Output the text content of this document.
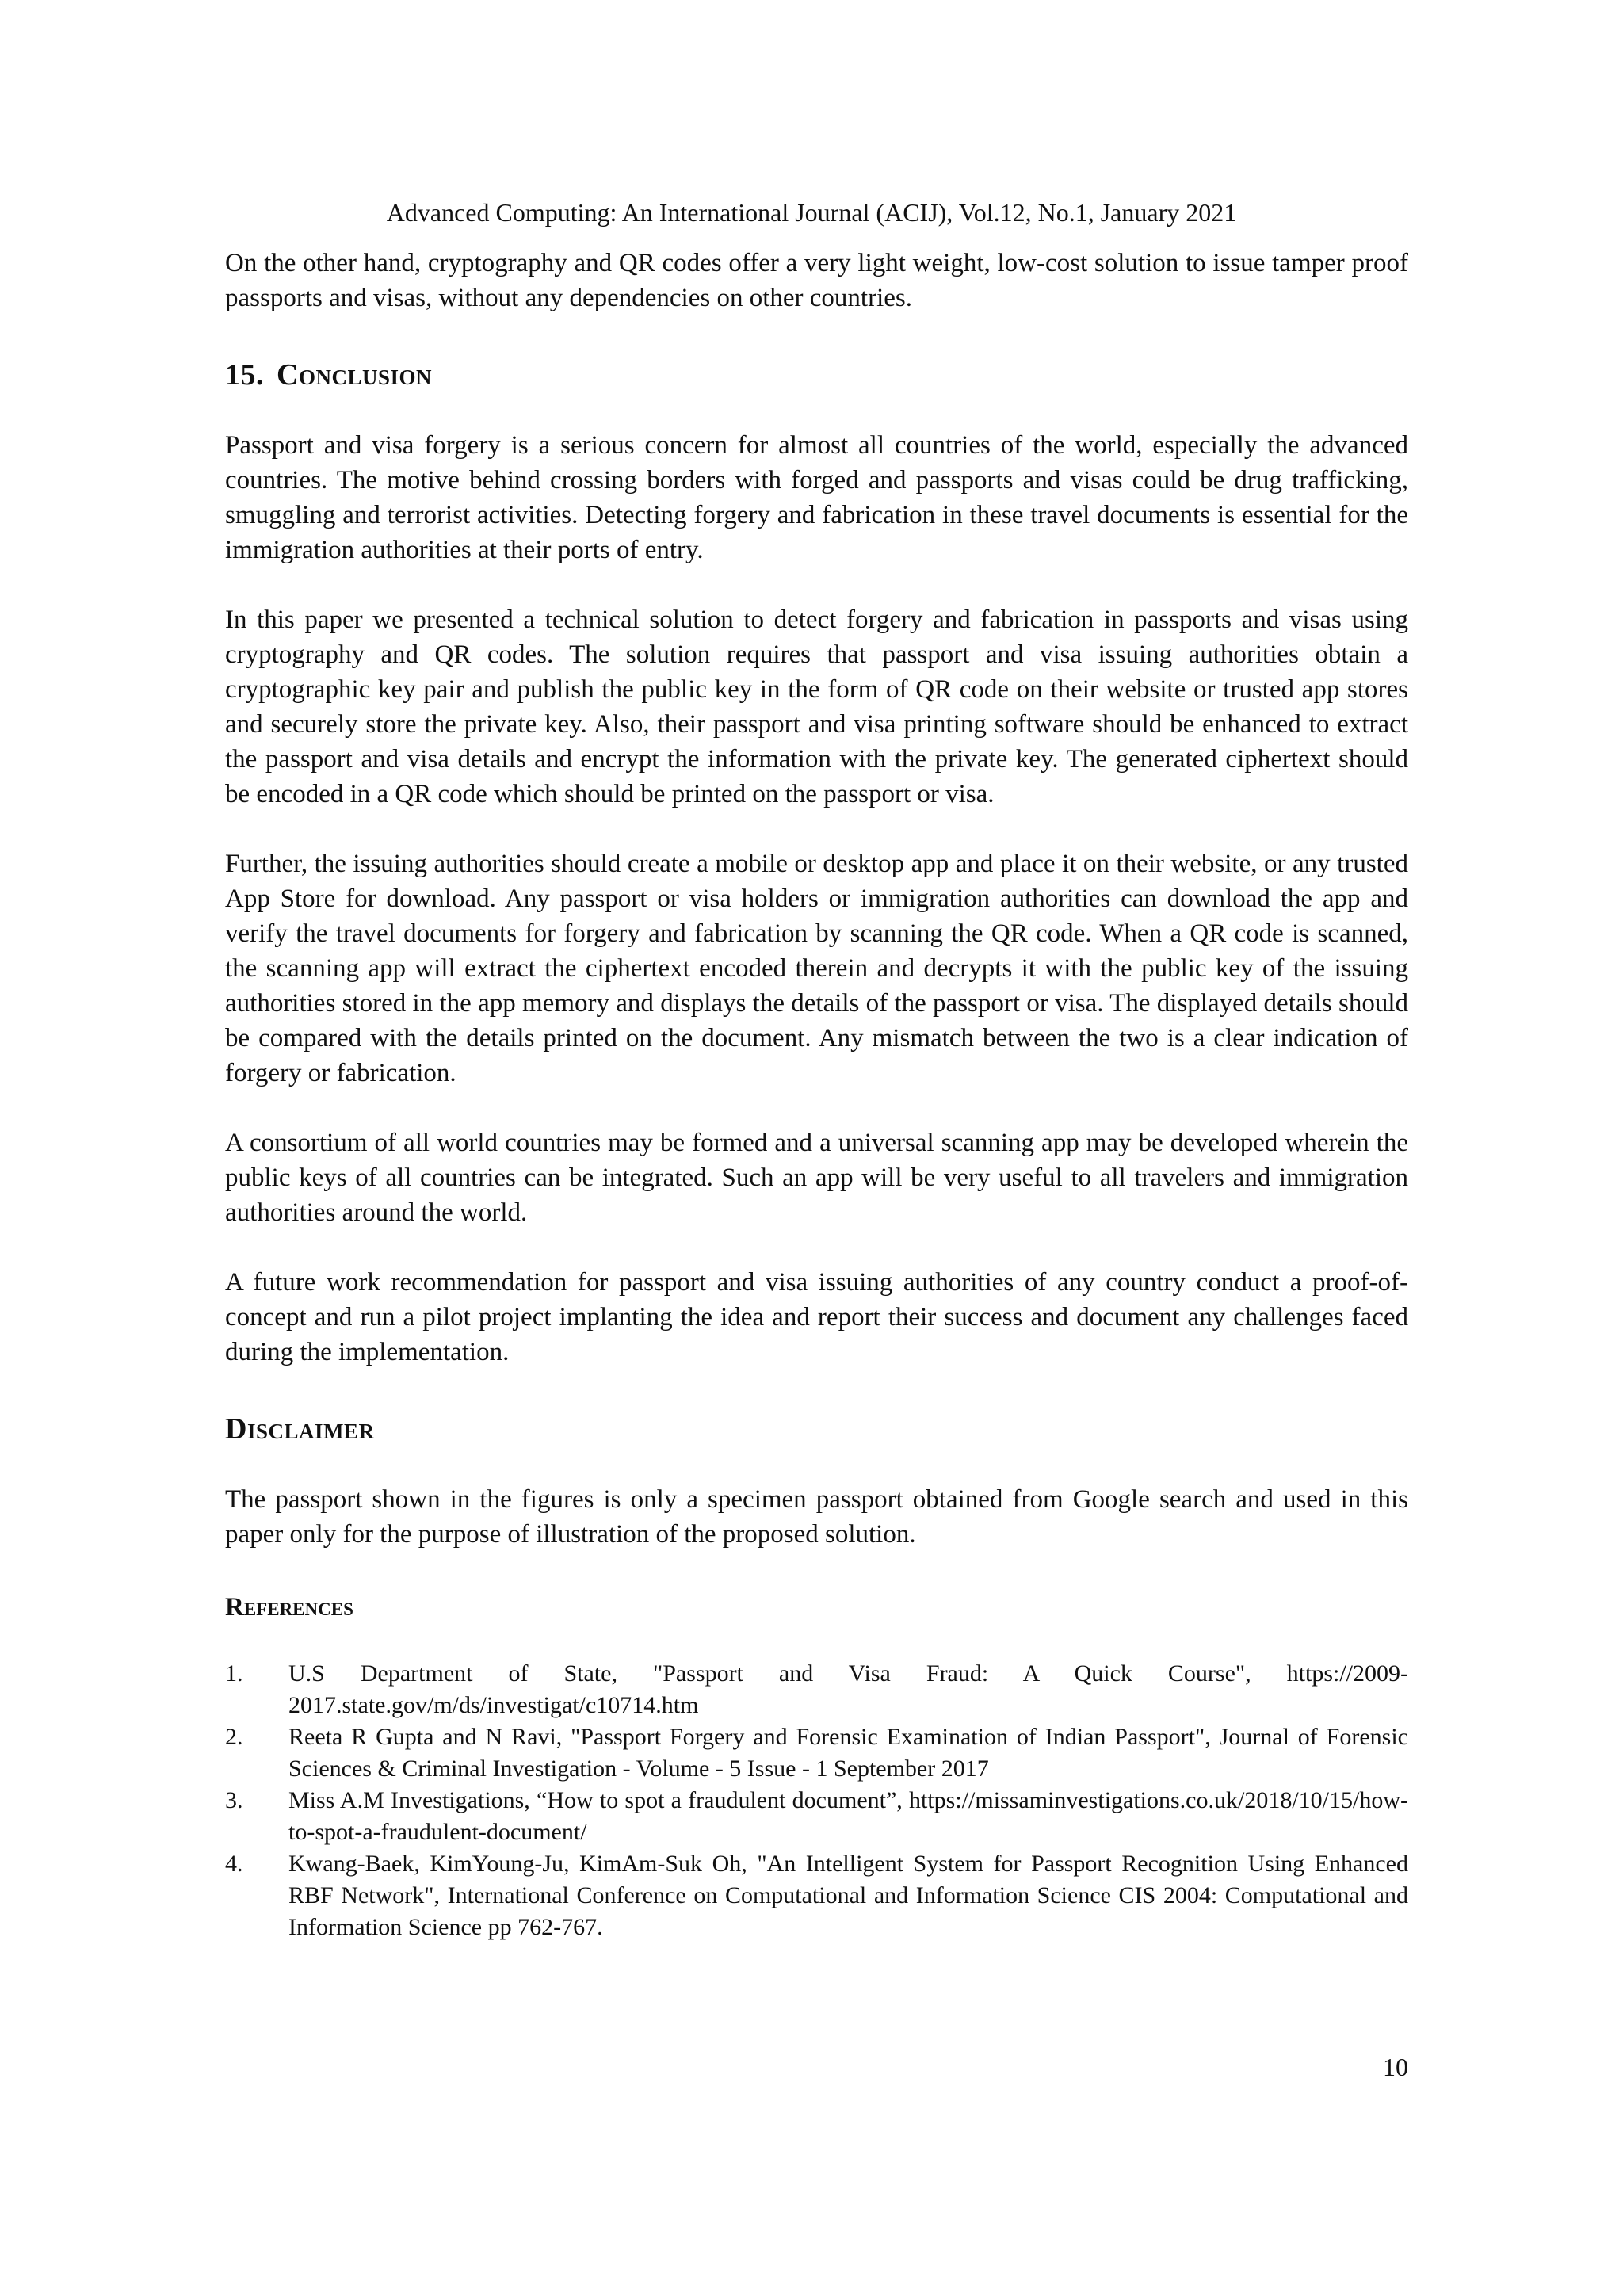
Advanced Computing: An International Journal (ACIJ), Vol.12, No.1, January 2021

On the other hand, cryptography and QR codes offer a very light weight, low-cost solution to issue tamper proof passports and visas, without any dependencies on other countries.

15. Conclusion

Passport and visa forgery is a serious concern for almost all countries of the world, especially the advanced countries. The motive behind crossing borders with forged and passports and visas could be drug trafficking, smuggling and terrorist activities. Detecting forgery and fabrication in these travel documents is essential for the immigration authorities at their ports of entry.

In this paper we presented a technical solution to detect forgery and fabrication in passports and visas using cryptography and QR codes. The solution requires that passport and visa issuing authorities obtain a cryptographic key pair and publish the public key in the form of QR code on their website or trusted app stores and securely store the private key. Also, their passport and visa printing software should be enhanced to extract the passport and visa details and encrypt the information with the private key. The generated ciphertext should be encoded in a QR code which should be printed on the passport or visa.

Further, the issuing authorities should create a mobile or desktop app and place it on their website, or any trusted App Store for download. Any passport or visa holders or immigration authorities can download the app and verify the travel documents for forgery and fabrication by scanning the QR code. When a QR code is scanned, the scanning app will extract the ciphertext encoded therein and decrypts it with the public key of the issuing authorities stored in the app memory and displays the details of the passport or visa. The displayed details should be compared with the details printed on the document. Any mismatch between the two is a clear indication of forgery or fabrication.

A consortium of all world countries may be formed and a universal scanning app may be developed wherein the public keys of all countries can be integrated. Such an app will be very useful to all travelers and immigration authorities around the world.

A future work recommendation for passport and visa issuing authorities of any country conduct a proof-of-concept and run a pilot project implanting the idea and report their success and document any challenges faced during the implementation.

Disclaimer

The passport shown in the figures is only a specimen passport obtained from Google search and used in this paper only for the purpose of illustration of the proposed solution.

References
1. U.S Department of State, "Passport and Visa Fraud: A Quick Course", https://2009-2017.state.gov/m/ds/investigat/c10714.htm
2. Reeta R Gupta and N Ravi, "Passport Forgery and Forensic Examination of Indian Passport", Journal of Forensic Sciences & Criminal Investigation - Volume - 5 Issue - 1 September 2017
3. Miss A.M Investigations, “How to spot a fraudulent document”, https://missaminvestigations.co.uk/2018/10/15/how-to-spot-a-fraudulent-document/
4. Kwang-Baek, KimYoung-Ju, KimAm-Suk Oh, "An Intelligent System for Passport Recognition Using Enhanced RBF Network", International Conference on Computational and Information Science CIS 2004: Computational and Information Science pp 762-767.
10
